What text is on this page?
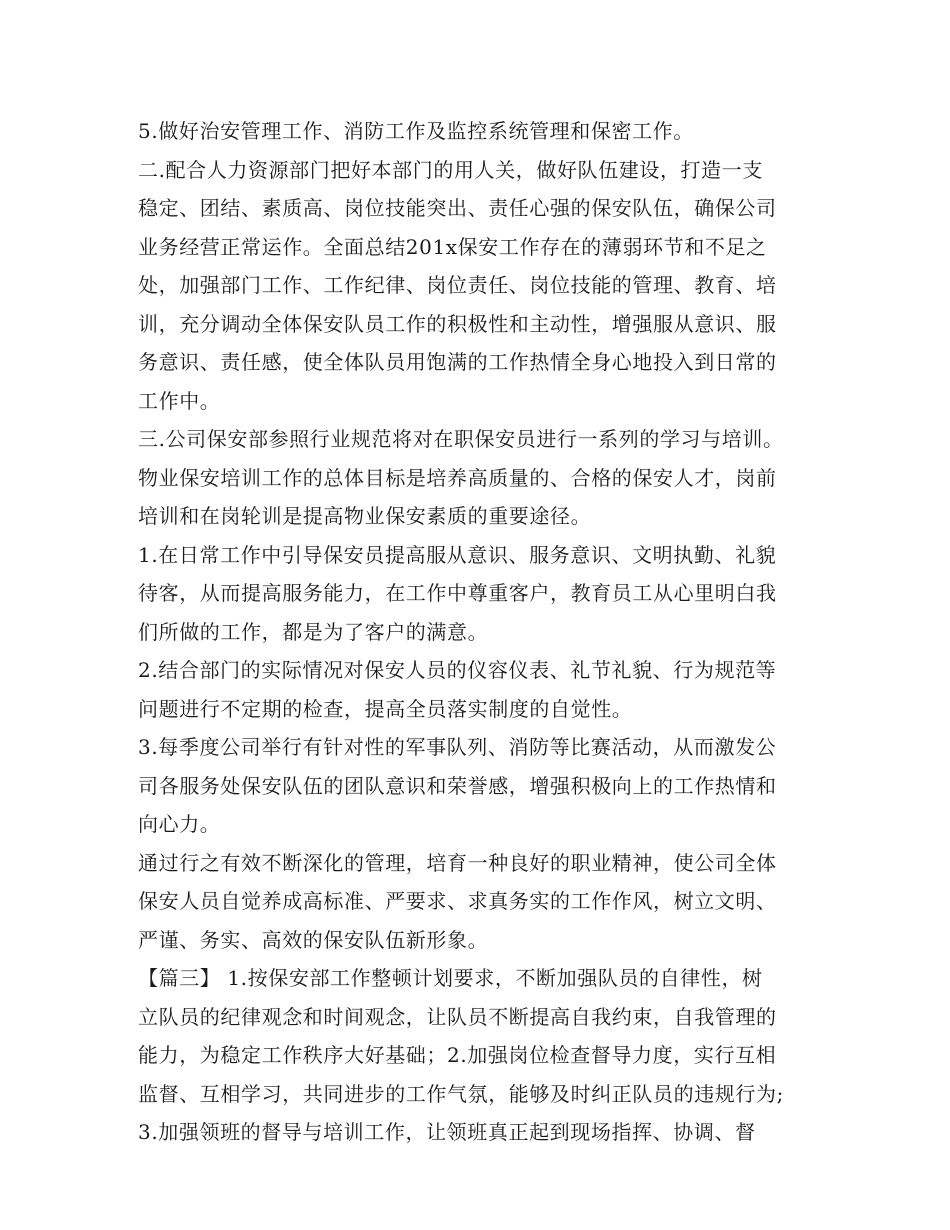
5.做好治安管理工作、消防工作及监控系统管理和保密工作。
二.配合人力资源部门把好本部门的用人关，做好队伍建设，打造一支
稳定、团结、素质高、岗位技能突出、责任心强的保安队伍，确保公司
业务经营正常运作。全面总结201x保安工作存在的薄弱环节和不足之
处，加强部门工作、工作纪律、岗位责任、岗位技能的管理、教育、培
训，充分调动全体保安队员工作的积极性和主动性，增强服从意识、服
务意识、责任感，使全体队员用饱满的工作热情全身心地投入到日常的
工作中。
三.公司保安部参照行业规范将对在职保安员进行一系列的学习与培训。
物业保安培训工作的总体目标是培养高质量的、合格的保安人才，岗前
培训和在岗轮训是提高物业保安素质的重要途径。
1.在日常工作中引导保安员提高服从意识、服务意识、文明执勤、礼貌
待客，从而提高服务能力，在工作中尊重客户，教育员工从心里明白我
们所做的工作，都是为了客户的满意。
2.结合部门的实际情况对保安人员的仪容仪表、礼节礼貌、行为规范等
问题进行不定期的检查，提高全员落实制度的自觉性。
3.每季度公司举行有针对性的军事队列、消防等比赛活动，从而激发公
司各服务处保安队伍的团队意识和荣誉感，增强积极向上的工作热情和
向心力。
通过行之有效不断深化的管理，培育一种良好的职业精神，使公司全体
保安人员自觉养成高标准、严要求、求真务实的工作作风，树立文明、
严谨、务实、高效的保安队伍新形象。
【篇三】 1.按保安部工作整顿计划要求，不断加强队员的自律性，树
立队员的纪律观念和时间观念，让队员不断提高自我约束，自我管理的
能力，为稳定工作秩序大好基础；2.加强岗位检查督导力度，实行互相
监督、互相学习，共同进步的工作气氛，能够及时纠正队员的违规行为;
3.加强领班的督导与培训工作，让领班真正起到现场指挥、协调、督
